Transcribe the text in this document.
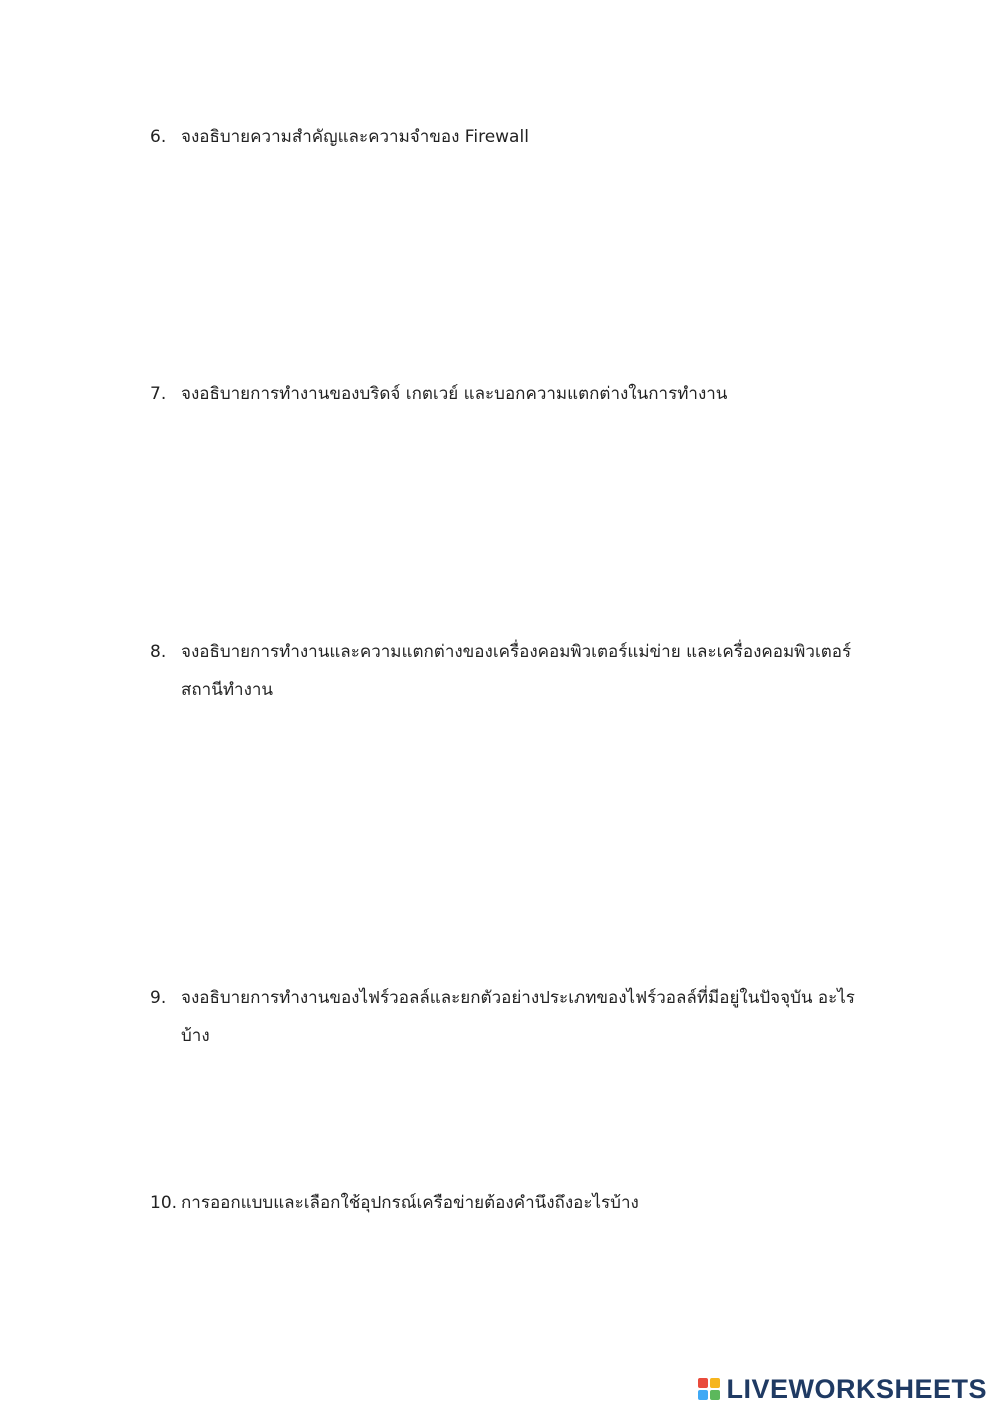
6. จงอธิบายความสำคัญและความจำของ Firewall
7. จงอธิบายการทำงานของบริดจ์ เกตเวย์ และบอกความแตกต่างในการทำงาน
8. จงอธิบายการทำงานและความแตกต่างของเครื่องคอมพิวเตอร์แม่ข่าย และเครื่องคอมพิวเตอร์สถานีทำงาน
9. จงอธิบายการทำงานของไฟร์วอลล์และยกตัวอย่างประเภทของไฟร์วอลล์ที่มีอยู่ในปัจจุบัน อะไรบ้าง
10. การออกแบบและเลือกใช้อุปกรณ์เครือข่ายต้องคำนึงถึงอะไรบ้าง
LIVEWORKSHEETS
